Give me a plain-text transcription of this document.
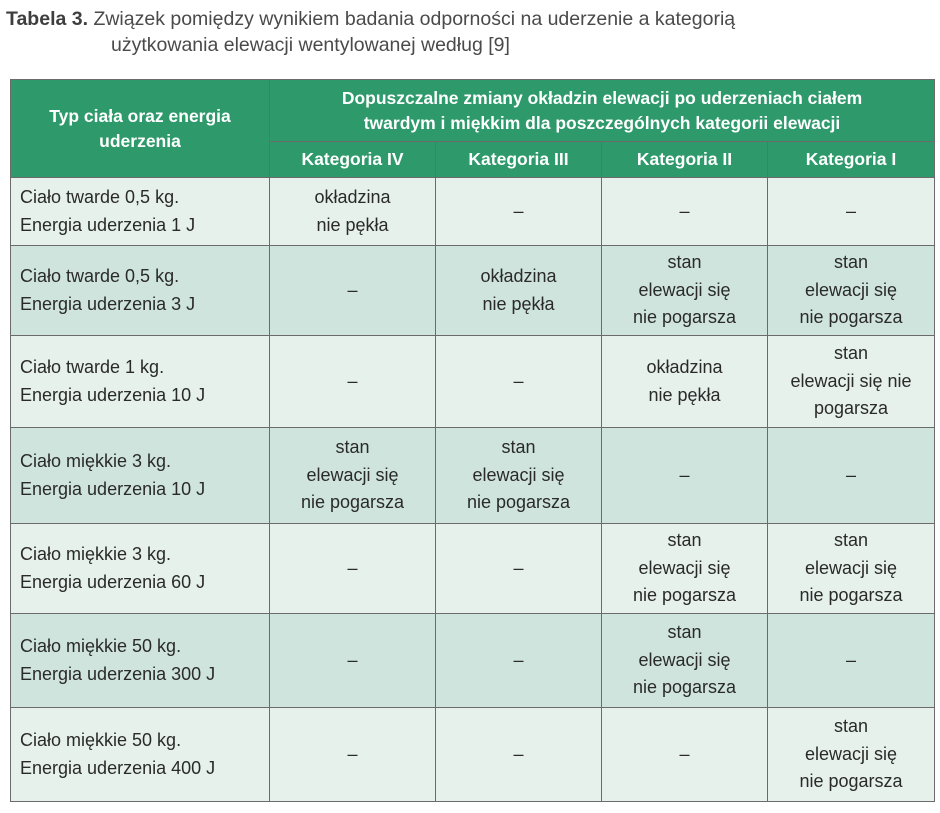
Tabela 3. Związek pomiędzy wynikiem badania odporności na uderzenie a kategorią
użytkowania elewacji wentylowanej według [9]
Typ ciała oraz energia
uderzenia	Dopuszczalne zmiany okładzin elewacji po uderzeniach ciałem
twardym i miękkim dla poszczególnych kategorii elewacji			

	Kategoria IV	Kategoria III	Kategoria II	Kategoria I

Ciało twarde 0,5 kg.
Energia uderzenia 1 J	okładzina
nie pękła	–	–	–

Ciało twarde 0,5 kg.
Energia uderzenia 3 J	–	okładzina
nie pękła	stan
elewacji się
nie pogarsza	stan
elewacji się
nie pogarsza

Ciało twarde 1 kg.
Energia uderzenia 10 J	–	–	okładzina
nie pękła	stan
elewacji się nie
pogarsza

Ciało miękkie 3 kg.
Energia uderzenia 10 J	stan
elewacji się
nie pogarsza	stan
elewacji się
nie pogarsza	–	–

Ciało miękkie 3 kg.
Energia uderzenia 60 J	–	–	stan
elewacji się
nie pogarsza	stan
elewacji się
nie pogarsza

Ciało miękkie 50 kg.
Energia uderzenia 300 J	–	–	stan
elewacji się
nie pogarsza	–

Ciało miękkie 50 kg.
Energia uderzenia 400 J	–	–	–	stan
elewacji się
nie pogarsza
